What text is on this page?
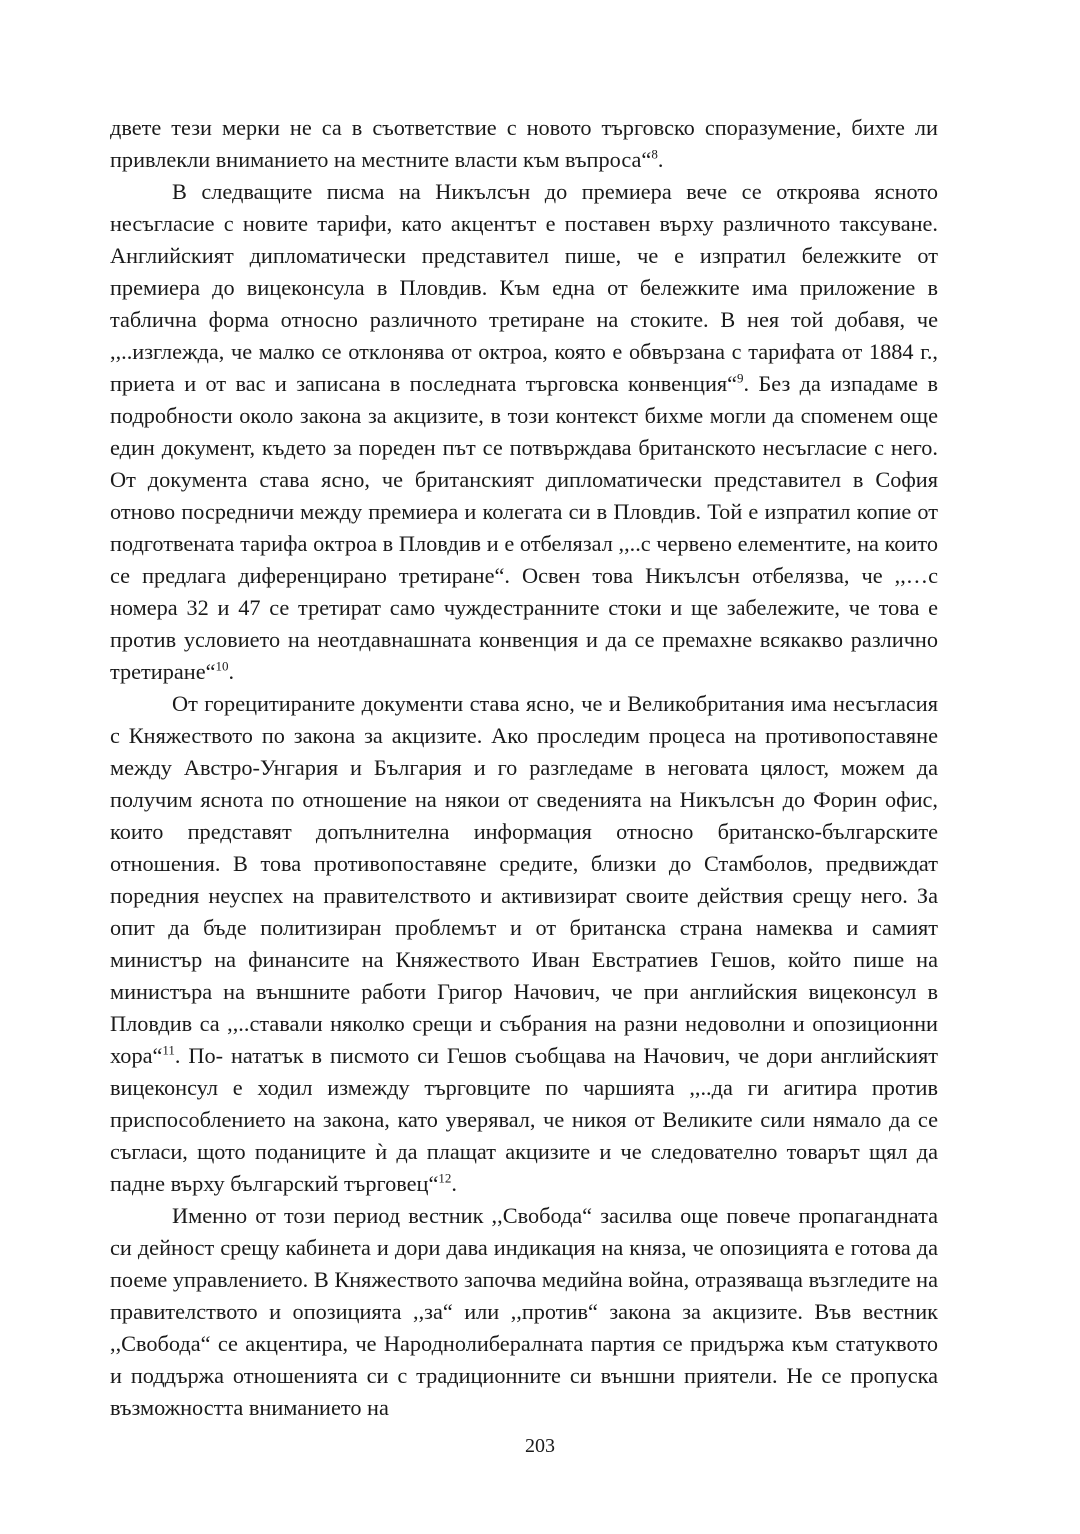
двете тези мерки не са в съответствие с новото търговско споразумение, бихте ли привлекли вниманието на местните власти към въпроса“$^8$.

В следващите писма на Никълсън до премиера вече се откроява ясното несъгласие с новите тарифи, като акцентът е поставен върху различното таксуване. Английският дипломатически представител пише, че е изпратил бележките от премиера до вицеконсула в Пловдив. Към една от бележките има приложение в таблична форма относно различното третиране на стоките. В нея той добавя, че ,,..изглежда, че малко се отклонява от октроа, която е обвързана с тарифата от 1884 г., приета и от вас и записана в последната търговска конвенция“$^9$. Без да изпадаме в подробности около закона за акцизите, в този контекст бихме могли да споменем още един документ, където за пореден път се потвърждава британското несъгласие с него. От документа става ясно, че британският дипломатически представител в София отново посредничи между премиера и колегата си в Пловдив. Той е изпратил копие от подготвената тарифа октроа в Пловдив и е отбелязал ,,..с червено елементите, на които се предлага диференцирано третиране“. Освен това Никълсън отбелязва, че ,,…с номера 32 и 47 се третират само чуждестранните стоки и ще забележите, че това е против условието на неотдавнашната конвенция и да се премахне всякакво различно третиране“$^{10}$.

От горецитираните документи става ясно, че и Великобритания има несъгласия с Княжеството по закона за акцизите. Ако проследим процеса на противопоставяне между Австро-Унгария и България и го разгледаме в неговата цялост, можем да получим яснота по отношение на някои от сведенията на Никълсън до Форин офис, които представят допълнителна информация относно британско-българските отношения. В това противопоставяне средите, близки до Стамболов, предвиждат поредния неуспех на правителството и активизират своите действия срещу него. За опит да бъде политизиран проблемът и от британска страна намеква и самият министър на финансите на Княжеството Иван Евстратиев Гешов, който пише на министъра на външните работи Григор Начович, че при английския вицеконсул в Пловдив са ,,..ставали няколко срещи и събрания на разни недоволни и опозиционни хора“$^{11}$. По- нататък в писмото си Гешов съобщава на Начович, че дори английският вицеконсул е ходил измежду търговците по чаршията ,,..да ги агитира против приспособлението на закона, като уверявал, че никоя от Великите сили нямало да се съгласи, щото поданиците ѝ да плащат акцизите и че следователно товарът щял да падне върху българский търговец“$^{12}$.

Именно от този период вестник ,,Свобода“ засилва още повече пропагандната си дейност срещу кабинета и дори дава индикация на княза, че опозицията е готова да поеме управлението. В Княжеството започва медийна война, отразяваща възгледите на правителството и опозицията ,,за“ или ,,против“ закона за акцизите. Във вестник ,,Свобода“ се акцентира, че Народнолибералната партия се придържа към статуквото и поддържа отношенията си с традиционните си външни приятели. Не се пропуска възможността вниманието на

203
